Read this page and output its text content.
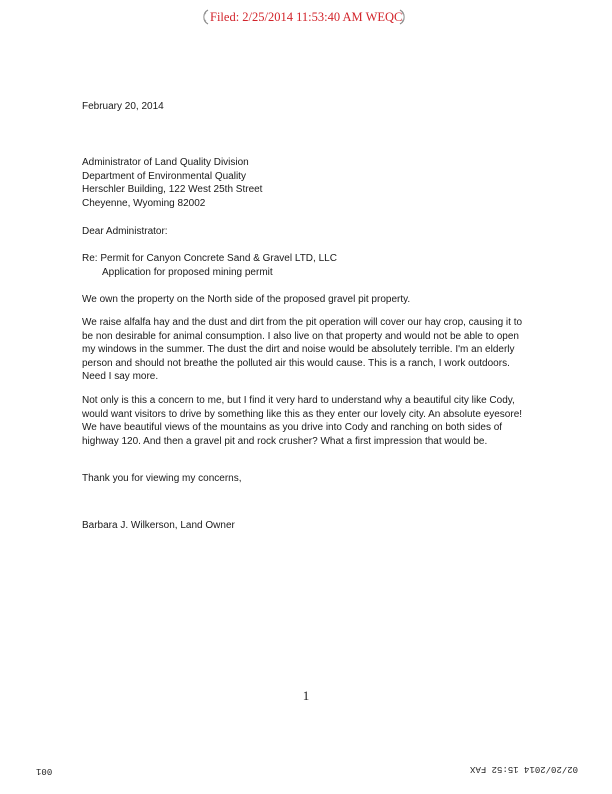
Filed: 2/25/2014 11:53:40 AM WEQC
February 20, 2014
Administrator of Land Quality Division
Department of Environmental Quality
Herschler Building, 122 West 25th Street
Cheyenne, Wyoming 82002
Dear Administrator:
Re: Permit for Canyon Concrete Sand & Gravel LTD, LLC
Application for proposed mining permit
We own the property on the North side of the proposed gravel pit property.
We raise alfalfa hay and the dust and dirt from the pit operation will cover our hay crop, causing it to be non desirable for animal consumption. I also live on that property and would not be able to open my windows in the summer. The dust the dirt and noise would be absolutely terrible. I'm an elderly person and should not breathe the polluted air this would cause. This is a ranch, I work outdoors. Need I say more.
Not only is this a concern to me, but I find it very hard to understand why a beautiful city like Cody, would want visitors to drive by something like this as they enter our lovely city. An absolute eyesore! We have beautiful views of the mountains as you drive into Cody and ranching on both sides of highway 120. And then a gravel pit and rock crusher? What a first impression that would be.
Thank you for viewing my concerns,
Barbara J. Wilkerson, Land Owner
1
001	02/20/2014 15:52 FAX
